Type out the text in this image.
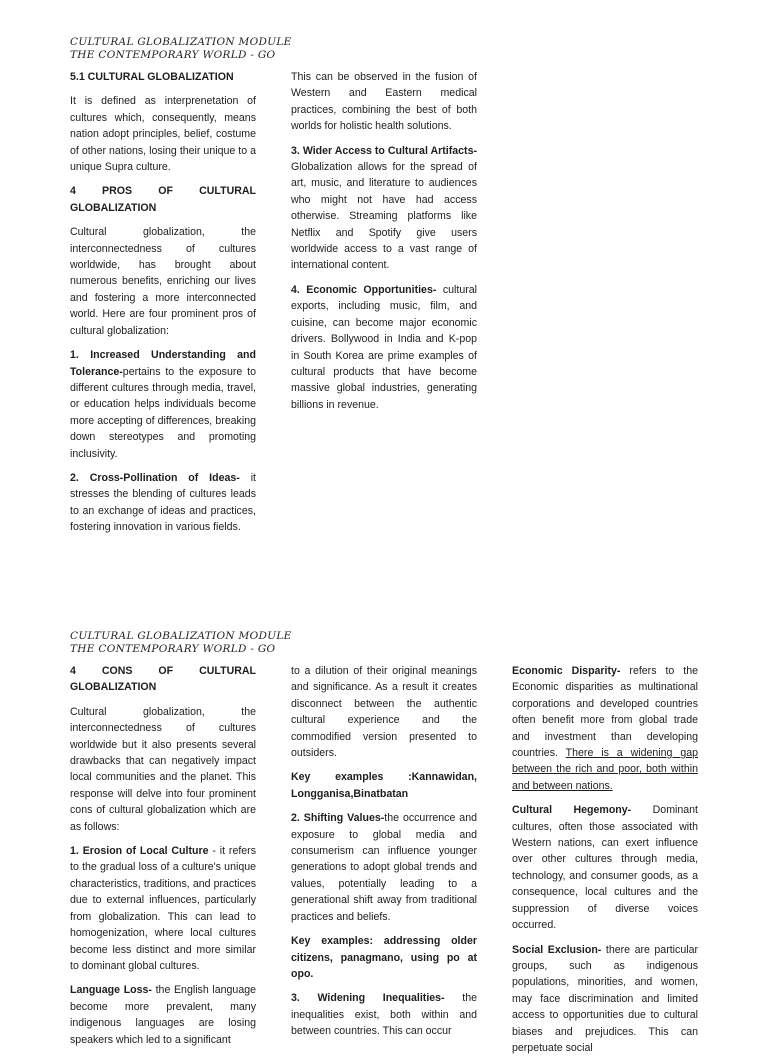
CULTURAL GLOBALIZATION MODULE
THE CONTEMPORARY WORLD - GO

5.1 CULTURAL GLOBALIZATION

It is defined as interprenetation of cultures which, consequently, means nation adopt principles, belief, costume of other nations, losing their unique to a unique Supra culture.

4 PROS OF CULTURAL GLOBALIZATION

Cultural globalization, the interconnectedness of cultures worldwide, has brought about numerous benefits, enriching our lives and fostering a more interconnected world. Here are four prominent pros of cultural globalization:

1. Increased Understanding and Tolerance-pertains to the exposure to different cultures through media, travel, or education helps individuals become more accepting of differences, breaking down stereotypes and promoting inclusivity.

2. Cross-Pollination of Ideas- it stresses the blending of cultures leads to an exchange of ideas and practices, fostering innovation in various fields.

This can be observed in the fusion of Western and Eastern medical practices, combining the best of both worlds for holistic health solutions.

3. Wider Access to Cultural Artifacts-Globalization allows for the spread of art, music, and literature to audiences who might not have had access otherwise. Streaming platforms like Netflix and Spotify give users worldwide access to a vast range of international content.

4. Economic Opportunities- cultural exports, including music, film, and cuisine, can become major economic drivers. Bollywood in India and K-pop in South Korea are prime examples of cultural products that have become massive global industries, generating billions in revenue.

CULTURAL GLOBALIZATION MODULE
THE CONTEMPORARY WORLD - GO

4 CONS OF CULTURAL GLOBALIZATION

Cultural globalization, the interconnectedness of cultures worldwide but it also presents several drawbacks that can negatively impact local communities and the planet. This response will delve into four prominent cons of cultural globalization which are as follows:

1. Erosion of Local Culture - it refers to the gradual loss of a culture's unique characteristics, traditions, and practices due to external influences, particularly from globalization. This can lead to homogenization, where local cultures become less distinct and more similar to dominant global cultures.

Language Loss- the English language become more prevalent, many indigenous languages are losing speakers which led to a significant

to a dilution of their original meanings and significance. As a result it creates disconnect between the authentic cultural experience and the commodified version presented to outsiders.

Key examples :Kannawidan, Longganisa,Binatbatan

2. Shifting Values-the occurrence and exposure to global media and consumerism can influence younger generations to adopt global trends and values, potentially leading to a generational shift away from traditional practices and beliefs.

Key examples: addressing older citizens, panagmano, using po at opo.

3. Widening Inequalities- the inequalities exist, both within and between countries. This can occur

Economic Disparity- refers to the Economic disparities as multinational corporations and developed countries often benefit more from global trade and investment than developing countries. There is a widening gap between the rich and poor, both within and between nations.

Cultural Hegemony- Dominant cultures, often those associated with Western nations, can exert influence over other cultures through media, technology, and consumer goods, as a consequence, local cultures and the suppression of diverse voices occurred.

Social Exclusion- there are particular groups, such as indigenous populations, minorities, and women, may face discrimination and limited access to opportunities due to cultural biases and prejudices. This can perpetuate social
